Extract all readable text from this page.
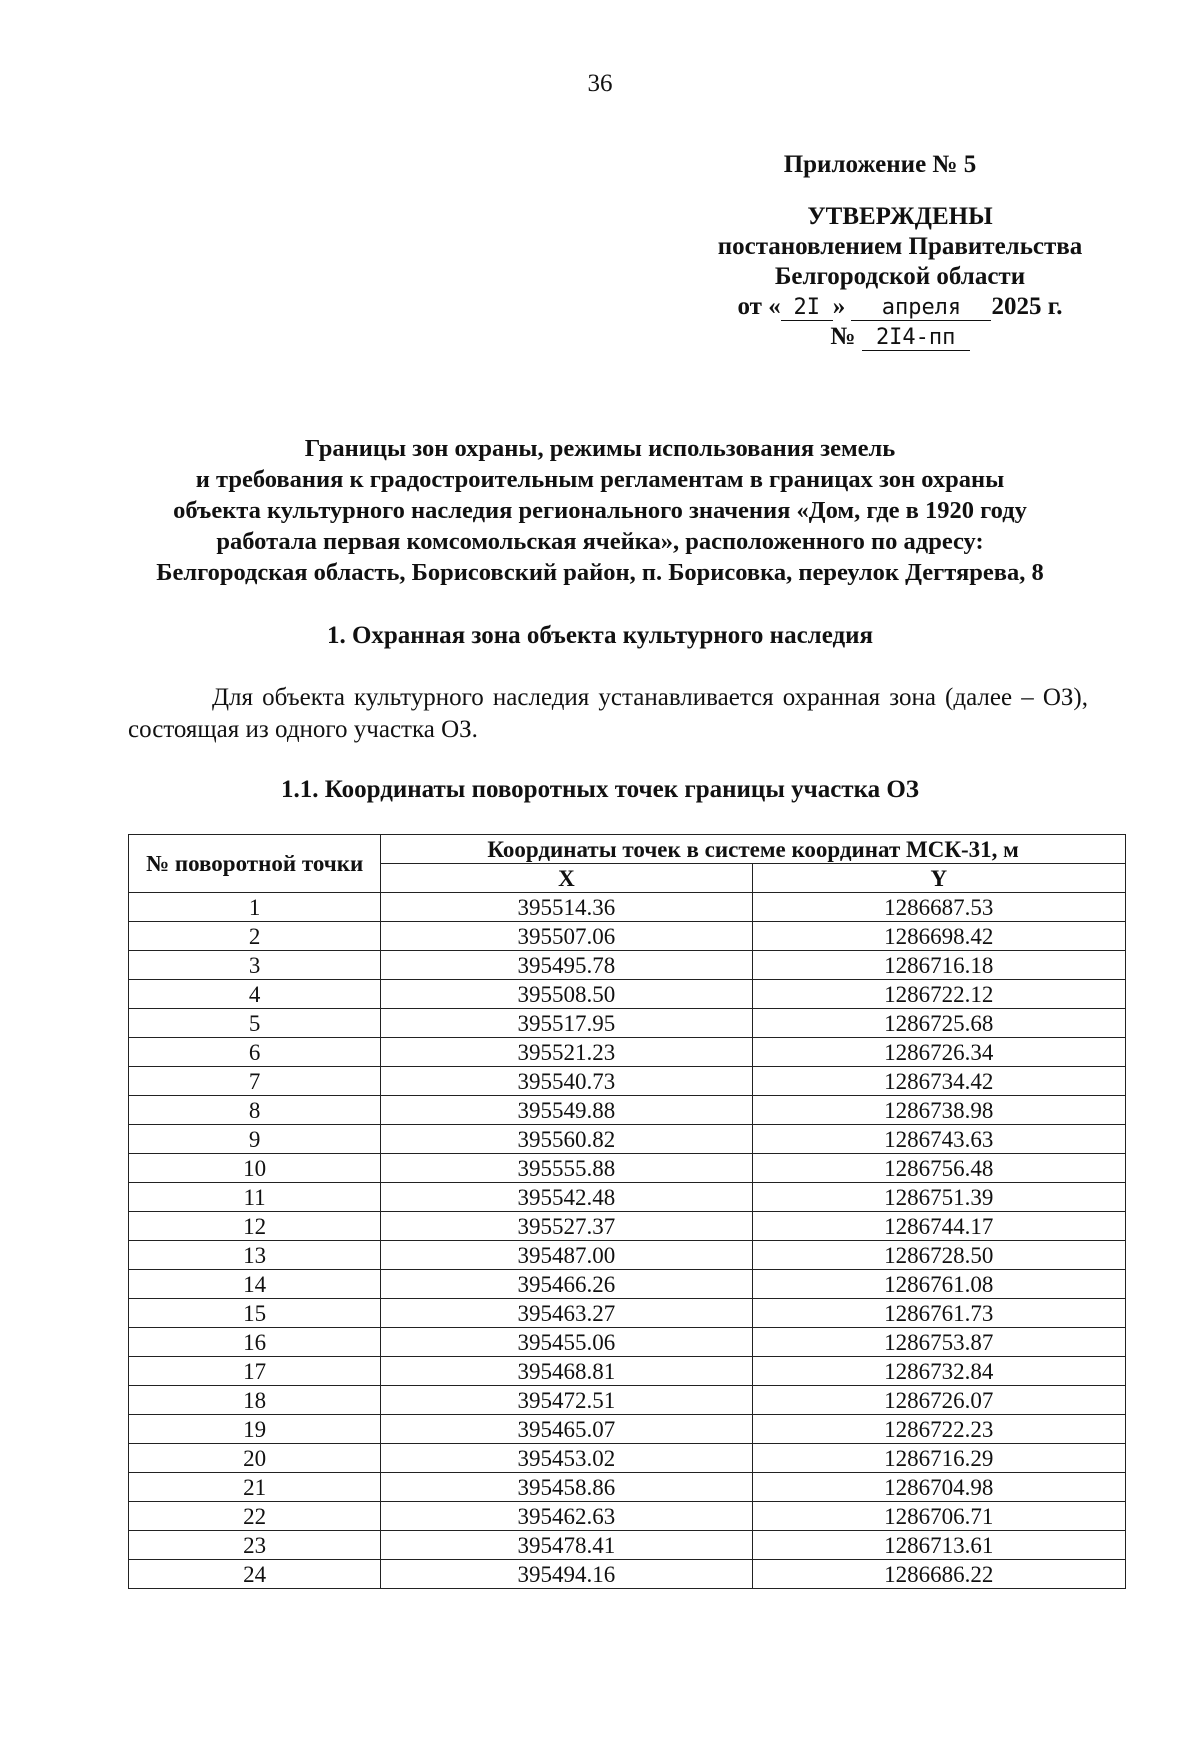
36
Приложение № 5
УТВЕРЖДЕНЫ
постановлением Правительства
Белгородской области
от « 2I » апреля 2025 г.
№ 2I4-пп
Границы зон охраны, режимы использования земель
и требования к градостроительным регламентам в границах зон охраны
объекта культурного наследия регионального значения «Дом, где в 1920 году
работала первая комсомольская ячейка», расположенного по адресу:
Белгородская область, Борисовский район, п. Борисовка, переулок Дегтярева, 8
1. Охранная зона объекта культурного наследия
Для объекта культурного наследия устанавливается охранная зона (далее – ОЗ), состоящая из одного участка ОЗ.
1.1. Координаты поворотных точек границы участка ОЗ
№ поворотной точки	Координаты точек в системе координат МСК-31, м	
	X	Y
1	395514.36	1286687.53
2	395507.06	1286698.42
3	395495.78	1286716.18
4	395508.50	1286722.12
5	395517.95	1286725.68
6	395521.23	1286726.34
7	395540.73	1286734.42
8	395549.88	1286738.98
9	395560.82	1286743.63
10	395555.88	1286756.48
11	395542.48	1286751.39
12	395527.37	1286744.17
13	395487.00	1286728.50
14	395466.26	1286761.08
15	395463.27	1286761.73
16	395455.06	1286753.87
17	395468.81	1286732.84
18	395472.51	1286726.07
19	395465.07	1286722.23
20	395453.02	1286716.29
21	395458.86	1286704.98
22	395462.63	1286706.71
23	395478.41	1286713.61
24	395494.16	1286686.22
